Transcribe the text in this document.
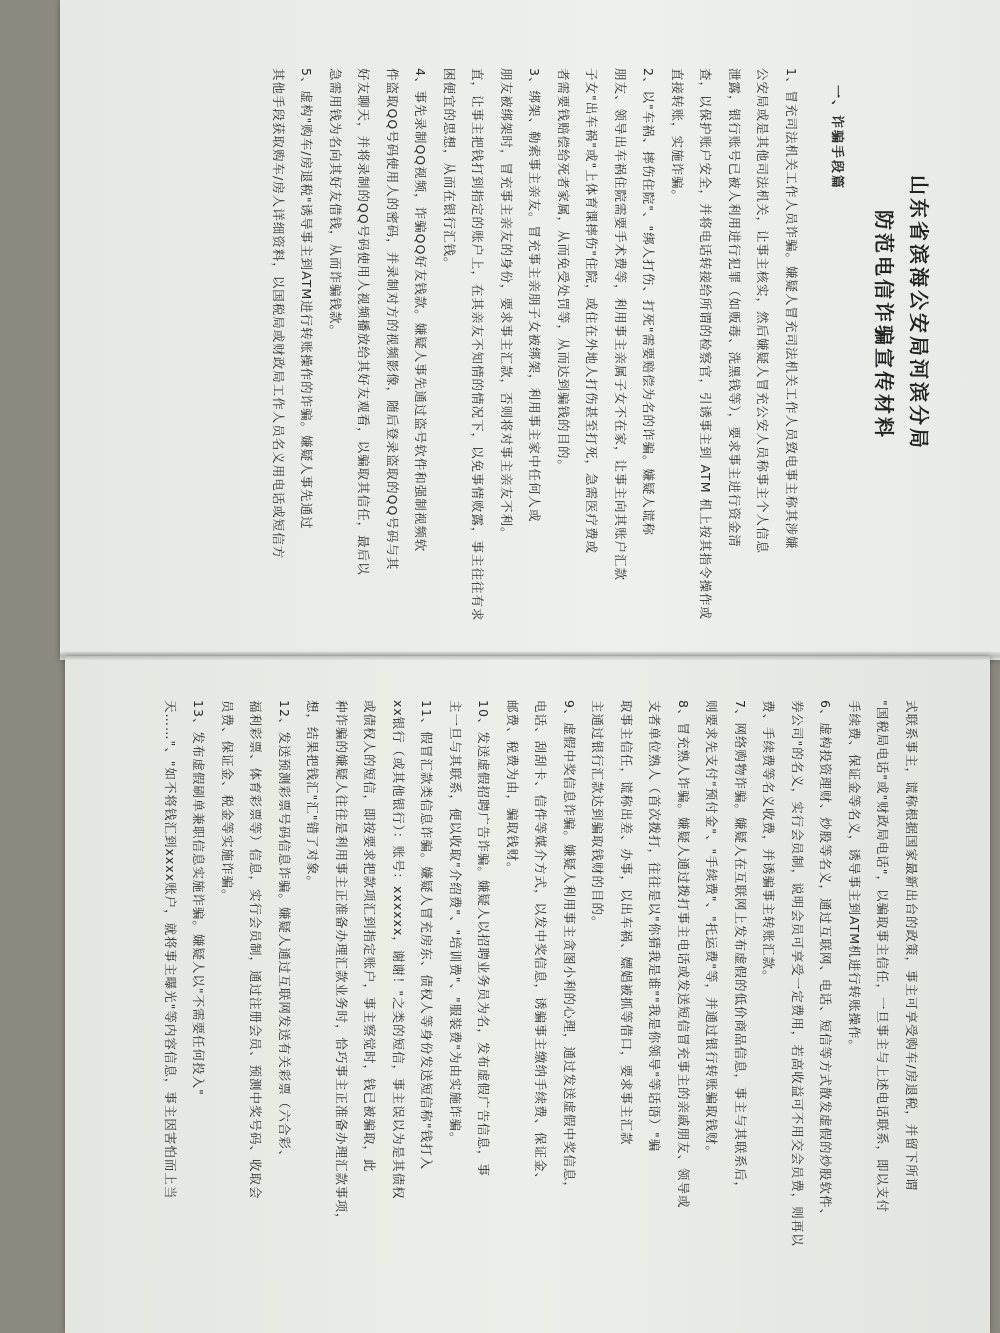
山东省滨海公安局河滨分局
防范电信诈骗宣传材料
一、诈骗手段篇

1、冒充司法机关工作人员诈骗。嫌疑人冒充司法机关工作人员致电事主称其涉嫌

公安局或是其他司法机关，让事主核实，然后嫌疑人冒充公安人员称事主个人信息

泄露，银行账号已被人利用进行犯罪（如贩毒、洗黑钱等），要求事主进行资金清

查，以保护账户安全，并将电话转接给所谓的检察官，引诱事主到 ATM 机上按其指令操作或

直接转账，实施诈骗。

2、以"车祸、摔伤住院"、"绑人打伤、打死"需要赔偿为名的诈骗。嫌疑人谎称

朋友、领导出车祸住院需要手术费等，利用事主亲属子女不在家，让事主向其账户汇款

子女"出车祸"或"上体育课摔伤"住院，或住在外地人打伤甚至打死，急需医疗费或

者需要钱赔偿给死者家属，从而免受处罚等，从而达到骗钱的目的。

3、绑架、勒索事主亲友。冒充事主亲朋子女被绑架，利用事主家中任何人或

朋友被绑架时，冒充事主亲友的身份，要求事主汇款，否则将对事主亲友不利。

直，让事主把钱打到指定的账户上，在其亲友不知情的情况下，以免事情败露，事主往往有求

困便宜的思想，从而在银行汇钱。

4、事先录制QQ视频，诈骗QQ好友钱款。嫌疑人事先通过盗号软件和强制视频软

件盗取QQ号码使用人的密码，并录制对方的视频影像，随后登录盗取的QQ号码与其

好友聊天，并将录制的QQ号码使用人视频播放给其好友观看，以骗取其信任，最后以

急需用钱为名向其好友借钱，从而诈骗钱款。

5、虚构"购车/房退税"诱导事主到ATM进行转账操作的诈骗。嫌疑人事先通过

其他手段获取购车/房人详细资料，以国税局或财政局工作人员名义用电话或短信方

式联系事主，谎称根据国家最新出台的政策，事主可享受购车/房退税，并留下所谓

"国税局电话"或"财政局电话"，以骗取事主信任，一旦事主与上述电话联系，即以支付

手续费、保证金等名义，诱导事主到ATM机进行转账操作。

6、虚构投资理财、炒股等名义，通过互联网、电话、短信等方式散发虚假的炒股软件、

券公司"的名义，实行会员制，说明会员可享受一定费用，若高收益可不用交会员费，则再以

费、手续费等名义收费，并诱骗事主转账汇款。

7、网络购物诈骗。嫌疑人在互联网上发布虚假的低价商品信息，事主与其联系后，

则要求先支付"预付金"、"手续费"、"托运费"等，并通过银行转账骗取钱财。

8、冒充熟人诈骗。嫌疑人通过拨打事主电话或发送短信冒充事主的亲戚朋友、领导或

支者单位熟人（首次拨打，往往是以"你猜我是谁""我是你领导"等话语）"骗

取事主信任，谎称出差、办事，以出车祸、嫖娼被抓等借口，要求事主汇款

主通过银行汇款达到骗取钱财的目的。

9、虚假中奖信息诈骗。嫌疑人利用事主贪图小利的心理，通过发送虚假中奖信息，

电话、刮刮卡、信件等媒介方式，以发中奖信息，诱骗事主缴纳手续费、保证金、

邮费、税费为由，骗取钱财。

10、发送虚假招聘广告诈骗。嫌疑人以招聘业务员为名，发布虚假广告信息，事

主一旦与其联系，便以收取"介绍费"、"培训费"、"服装费"为由实施诈骗。

11、假冒汇款类信息诈骗。嫌疑人冒充房东、债权人等身份发送短信称"钱打入

xx银行（或其他银行）：账号：xxxxxx，谢谢！"之类的短信，事主误以为是其债权

或债权人的短信，即按要求把款项汇到指定账户，事主察觉时，钱已被骗取，此

种诈骗的嫌疑人往往是利用事主正准备办理汇款业务时，恰巧事主正准备办理汇款事项，

想，结果把钱汇"汇"错了对象。

12、发送预测彩票号码信息诈骗。嫌疑人通过互联网发送有关彩票（六合彩、

福利彩票、体育彩票等）信息，实行会员制，通过注册会员、预测中奖号码、收取会

员费、保证金、税金等实施诈骗。

13、发布虚假刷单兼职信息实施诈骗。嫌疑人以"不需要任何投入"

天……"、"如不将钱汇到xxxx账户，就将事主曝光"等内容信息，事主因害怕而上当
